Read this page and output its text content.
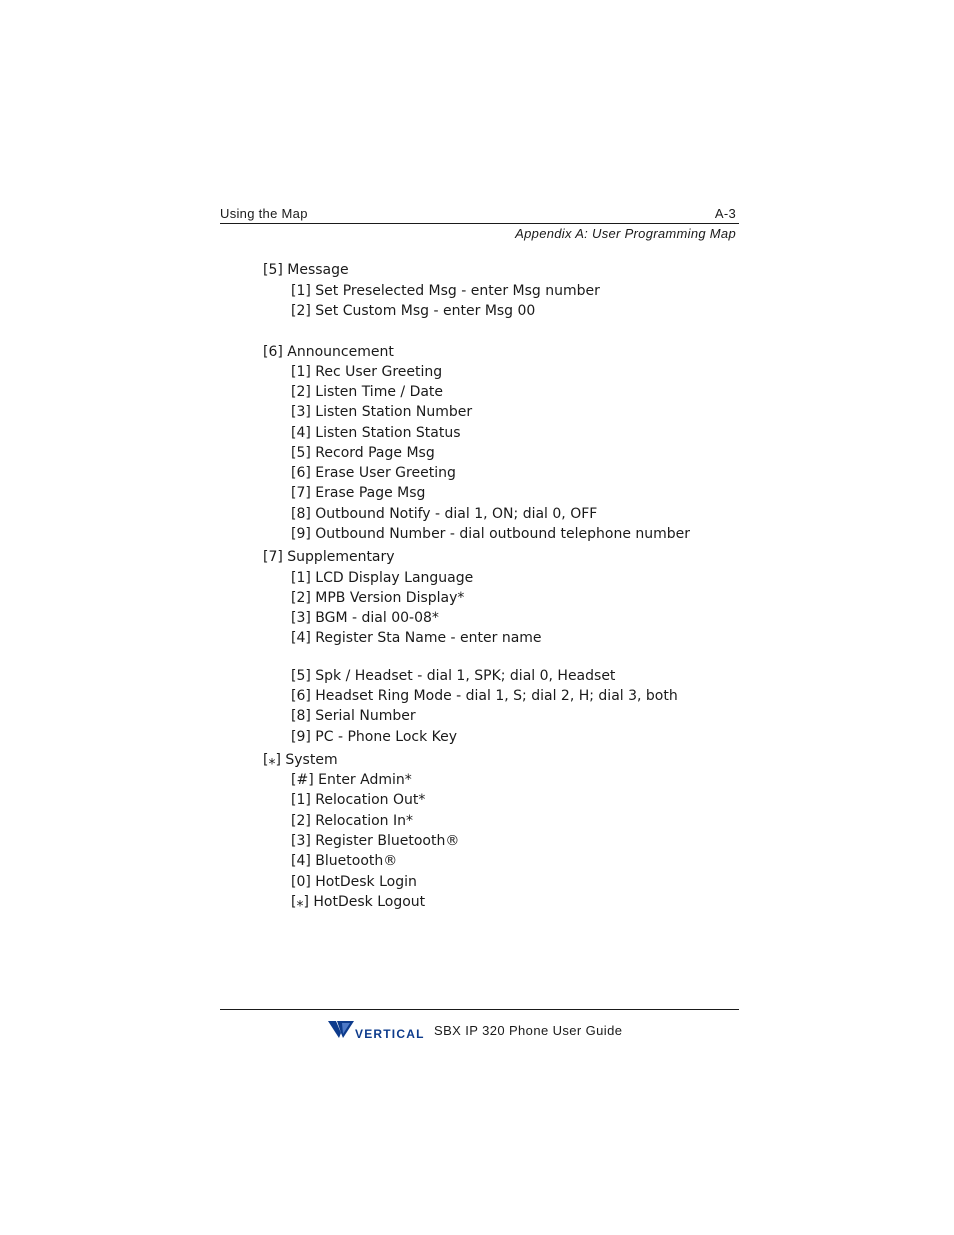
Using the Map	A-3
Appendix A: User Programming Map
[5] Message
[1] Set Preselected Msg - enter Msg number
[2] Set Custom Msg - enter Msg 00
[6] Announcement
[1] Rec User Greeting
[2] Listen Time / Date
[3] Listen Station Number
[4] Listen Station Status
[5] Record Page Msg
[6] Erase User Greeting
[7] Erase Page Msg
[8] Outbound Notify - dial 1, ON; dial 0, OFF
[9] Outbound Number - dial outbound telephone number
[7] Supplementary
[1] LCD Display Language
[2] MPB Version Display*
[3] BGM - dial 00-08*
[4] Register Sta Name - enter name
[5] Spk / Headset - dial 1, SPK; dial 0, Headset
[6] Headset Ring Mode - dial 1, S; dial 2, H; dial 3, both
[8] Serial Number
[9] PC - Phone Lock Key
[⁎] System
[#] Enter Admin*
[1] Relocation Out*
[2] Relocation In*
[3] Register Bluetooth®
[4] Bluetooth®
[0] HotDesk Login
[⁎] HotDesk Logout
VERTICAL SBX IP 320 Phone User Guide
